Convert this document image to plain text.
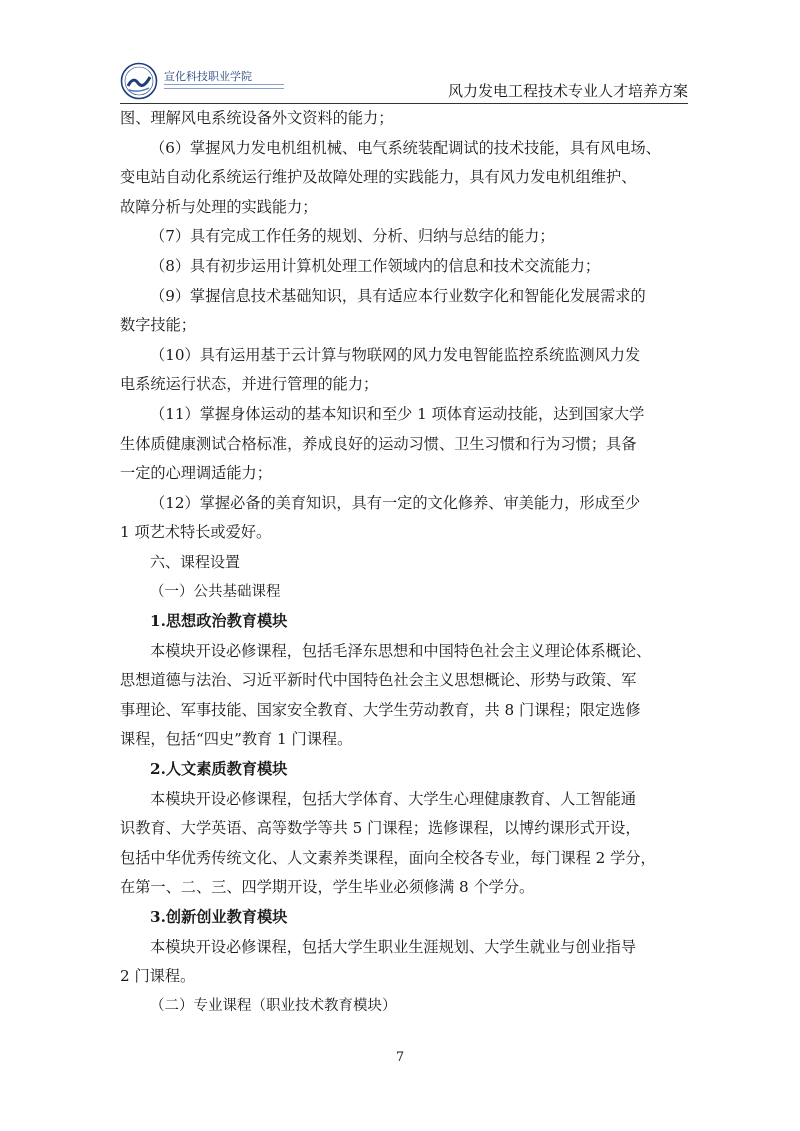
宣化科技职业学院
风力发电工程技术专业人才培养方案
图、理解风电系统设备外文资料的能力；
（6）掌握风力发电机组机械、电气系统装配调试的技术技能，具有风电场、
变电站自动化系统运行维护及故障处理的实践能力，具有风力发电机组维护、
故障分析与处理的实践能力；
（7）具有完成工作任务的规划、分析、归纳与总结的能力；
（8）具有初步运用计算机处理工作领域内的信息和技术交流能力；
（9）掌握信息技术基础知识，具有适应本行业数字化和智能化发展需求的
数字技能；
（10）具有运用基于云计算与物联网的风力发电智能监控系统监测风力发
电系统运行状态，并进行管理的能力；
（11）掌握身体运动的基本知识和至少 1 项体育运动技能，达到国家大学
生体质健康测试合格标准，养成良好的运动习惯、卫生习惯和行为习惯；具备
一定的心理调适能力；
（12）掌握必备的美育知识，具有一定的文化修养、审美能力，形成至少
1 项艺术特长或爱好。
六、课程设置
（一）公共基础课程
1.思想政治教育模块
本模块开设必修课程，包括毛泽东思想和中国特色社会主义理论体系概论、
思想道德与法治、习近平新时代中国特色社会主义思想概论、形势与政策、军
事理论、军事技能、国家安全教育、大学生劳动教育，共 8 门课程；限定选修
课程，包括“四史”教育 1 门课程。
2.人文素质教育模块
本模块开设必修课程，包括大学体育、大学生心理健康教育、人工智能通
识教育、大学英语、高等数学等共 5 门课程；选修课程，以博约课形式开设，
包括中华优秀传统文化、人文素养类课程，面向全校各专业，每门课程 2 学分，
在第一、二、三、四学期开设，学生毕业必须修满 8 个学分。
3.创新创业教育模块
本模块开设必修课程，包括大学生职业生涯规划、大学生就业与创业指导
2 门课程。
（二）专业课程（职业技术教育模块）
7
